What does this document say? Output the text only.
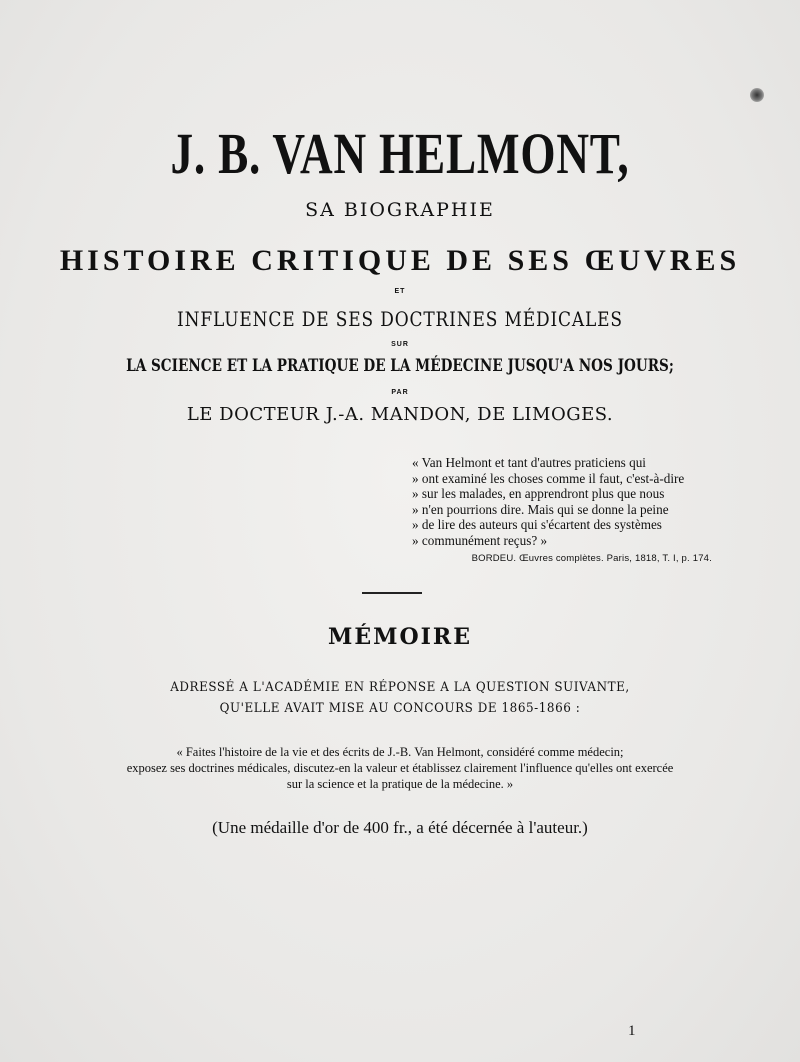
J. B. VAN HELMONT,
SA BIOGRAPHIE
HISTOIRE CRITIQUE DE SES ŒUVRES
ET
INFLUENCE DE SES DOCTRINES MÉDICALES
SUR
LA SCIENCE ET LA PRATIQUE DE LA MÉDECINE JUSQU'A NOS JOURS;
PAR
LE DOCTEUR J.-A. MANDON, DE LIMOGES.
« Van Helmont et tant d'autres praticiens qui
» ont examiné les choses comme il faut, c'est-à-dire
» sur les malades, en apprendront plus que nous
» n'en pourrions dire. Mais qui se donne la peine
» de lire des auteurs qui s'écartent des systèmes
» communément reçus? »
BORDEU. Œuvres complètes. Paris, 1818, T. I, p. 174.
MÉMOIRE
ADRESSÉ A L'ACADÉMIE EN RÉPONSE A LA QUESTION SUIVANTE,
QU'ELLE AVAIT MISE AU CONCOURS DE 1865-1866 :
« Faites l'histoire de la vie et des écrits de J.-B. Van Helmont, considéré comme médecin;
exposez ses doctrines médicales, discutez-en la valeur et établissez clairement l'influence qu'elles ont exercée
sur la science et la pratique de la médecine. »
(Une médaille d'or de 400 fr., a été décernée à l'auteur.)
1
